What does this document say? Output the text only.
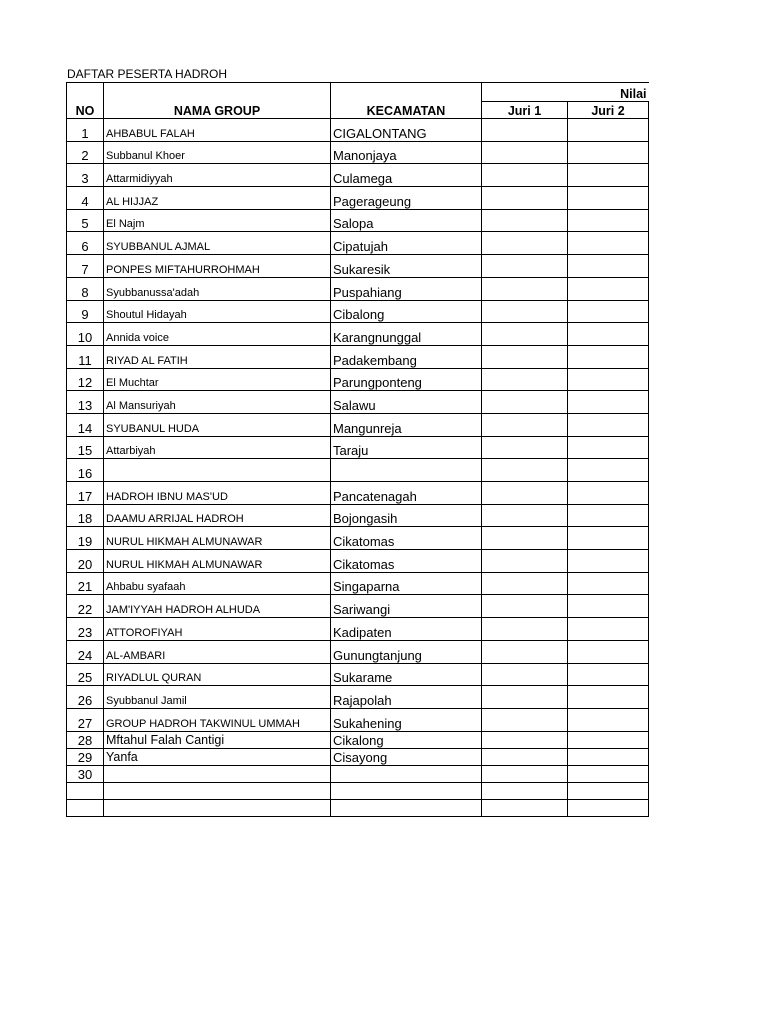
DAFTAR PESERTA HADROH
NO	NAMA GROUP	KECAMATAN	Nilai	
			Juri 1	Juri 2
1	AHBABUL FALAH	CIGALONTANG		
2	Subbanul Khoer	Manonjaya		
3	Attarmidiyyah	Culamega		
4	AL HIJJAZ	Pagerageung		
5	El Najm	Salopa		
6	SYUBBANUL AJMAL	Cipatujah		
7	PONPES MIFTAHURROHMAH	Sukaresik		
8	Syubbanussa'adah	Puspahiang		
9	Shoutul Hidayah	Cibalong		
10	Annida voice	Karangnunggal		
11	RIYAD AL FATIH	Padakembang		
12	El Muchtar	Parungponteng		
13	Al Mansuriyah	Salawu		
14	SYUBANUL HUDA	Mangunreja		
15	Attarbiyah	Taraju		
16				
17	HADROH IBNU MAS'UD	Pancatenagah		
18	DAAMU ARRIJAL HADROH	Bojongasih		
19	NURUL HIKMAH ALMUNAWAR	Cikatomas		
20	NURUL HIKMAH ALMUNAWAR	Cikatomas		
21	Ahbabu syafaah	Singaparna		
22	JAM'IYYAH HADROH ALHUDA	Sariwangi		
23	ATTOROFIYAH	Kadipaten		
24	AL-AMBARI	Gunungtanjung		
25	RIYADLUL QURAN	Sukarame		
26	Syubbanul Jamil	Rajapolah		
27	GROUP HADROH TAKWINUL UMMAH	Sukahening		
28	Mftahul Falah Cantigi	Cikalong		
29	Yanfa	Cisayong		
30				
